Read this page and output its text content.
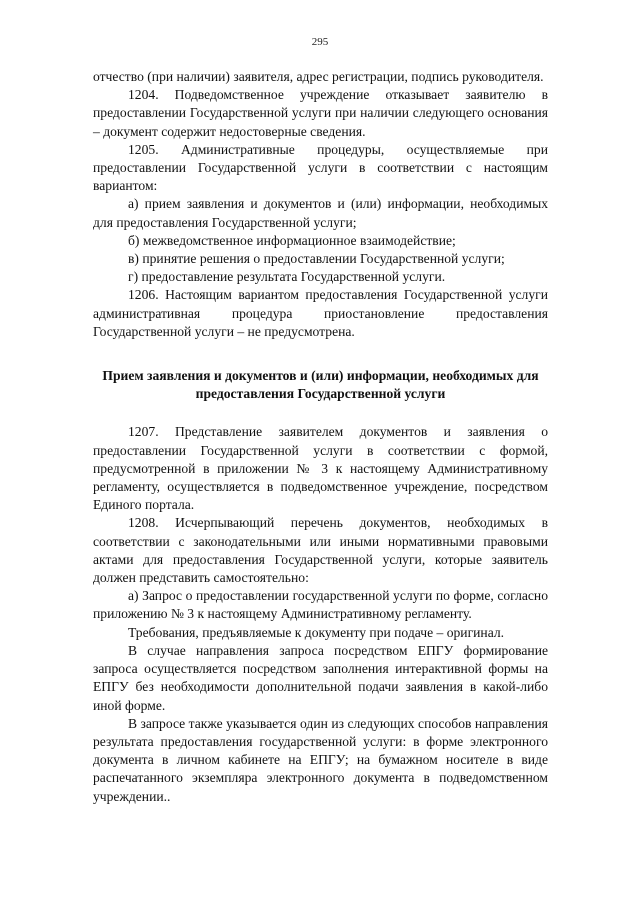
295

отчество (при наличии) заявителя, адрес регистрации, подпись руководителя.

1204. Подведомственное учреждение отказывает заявителю в предоставлении Государственной услуги при наличии следующего основания – документ содержит недостоверные сведения.

1205. Административные процедуры, осуществляемые при предоставлении Государственной услуги в соответствии с настоящим вариантом:

а) прием заявления и документов и (или) информации, необходимых для предоставления Государственной услуги;

б) межведомственное информационное взаимодействие;

в) принятие решения о предоставлении Государственной услуги;

г) предоставление результата Государственной услуги.

1206. Настоящим вариантом предоставления Государственной услуги административная процедура приостановление предоставления Государственной услуги – не предусмотрена.

Прием заявления и документов и (или) информации, необходимых для предоставления Государственной услуги

1207. Представление заявителем документов и заявления о предоставлении Государственной услуги в соответствии с формой, предусмотренной в приложении № 3 к настоящему Административному регламенту, осуществляется в подведомственное учреждение, посредством Единого портала.

1208. Исчерпывающий перечень документов, необходимых в соответствии с законодательными или иными нормативными правовыми актами для предоставления Государственной услуги, которые заявитель должен представить самостоятельно:

а) Запрос о предоставлении государственной услуги по форме, согласно приложению № 3 к настоящему Административному регламенту.

Требования, предъявляемые к документу при подаче – оригинал.

В случае направления запроса посредством ЕПГУ формирование запроса осуществляется посредством заполнения интерактивной формы на ЕПГУ без необходимости дополнительной подачи заявления в какой-либо иной форме.

В запросе также указывается один из следующих способов направления результата предоставления государственной услуги: в форме электронного документа в личном кабинете на ЕПГУ; на бумажном носителе в виде распечатанного экземпляра электронного документа в подведомственном учреждении..
